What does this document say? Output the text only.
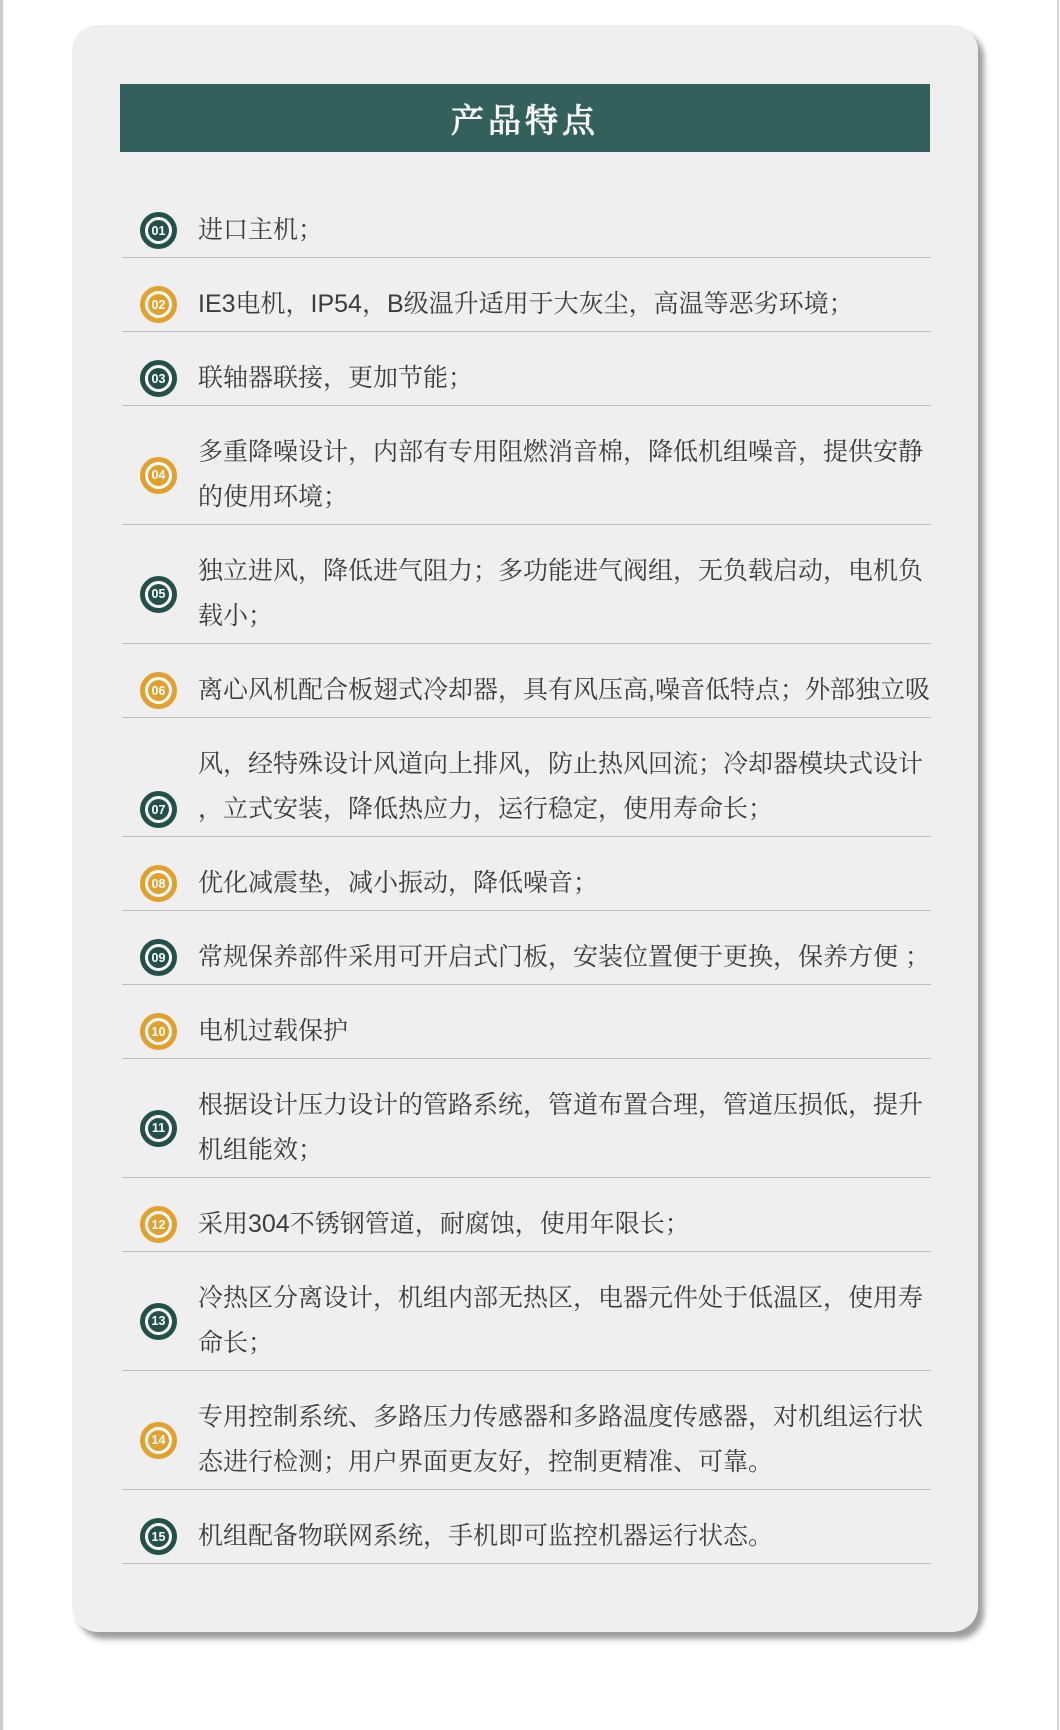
产品特点
01 进口主机；
02 IE3电机，IP54，B级温升适用于大灰尘，高温等恶劣环境；
03 联轴器联接，更加节能；
04
多重降噪设计，内部有专用阻燃消音棉，降低机组噪音，提供安静
的使用环境；
05
独立进风，降低进气阻力；多功能进气阀组，无负载启动，电机负
载小；
06 离心风机配合板翅式冷却器，具有风压高,噪音低特点；外部独立吸
07
风，经特殊设计风道向上排风，防止热风回流；冷却器模块式设计
，立式安装，降低热应力，运行稳定，使用寿命长；
08 优化减震垫，减小振动，降低噪音；
09 常规保养部件采用可开启式门板，安装位置便于更换，保养方便 ；
10 电机过载保护
11
根据设计压力设计的管路系统，管道布置合理，管道压损低，提升
机组能效；
12 采用304不锈钢管道，耐腐蚀，使用年限长；
13
冷热区分离设计，机组内部无热区，电器元件处于低温区，使用寿
命长；
14
专用控制系统、多路压力传感器和多路温度传感器，对机组运行状
态进行检测；用户界面更友好，控制更精准、可靠。
15 机组配备物联网系统，手机即可监控机器运行状态。
